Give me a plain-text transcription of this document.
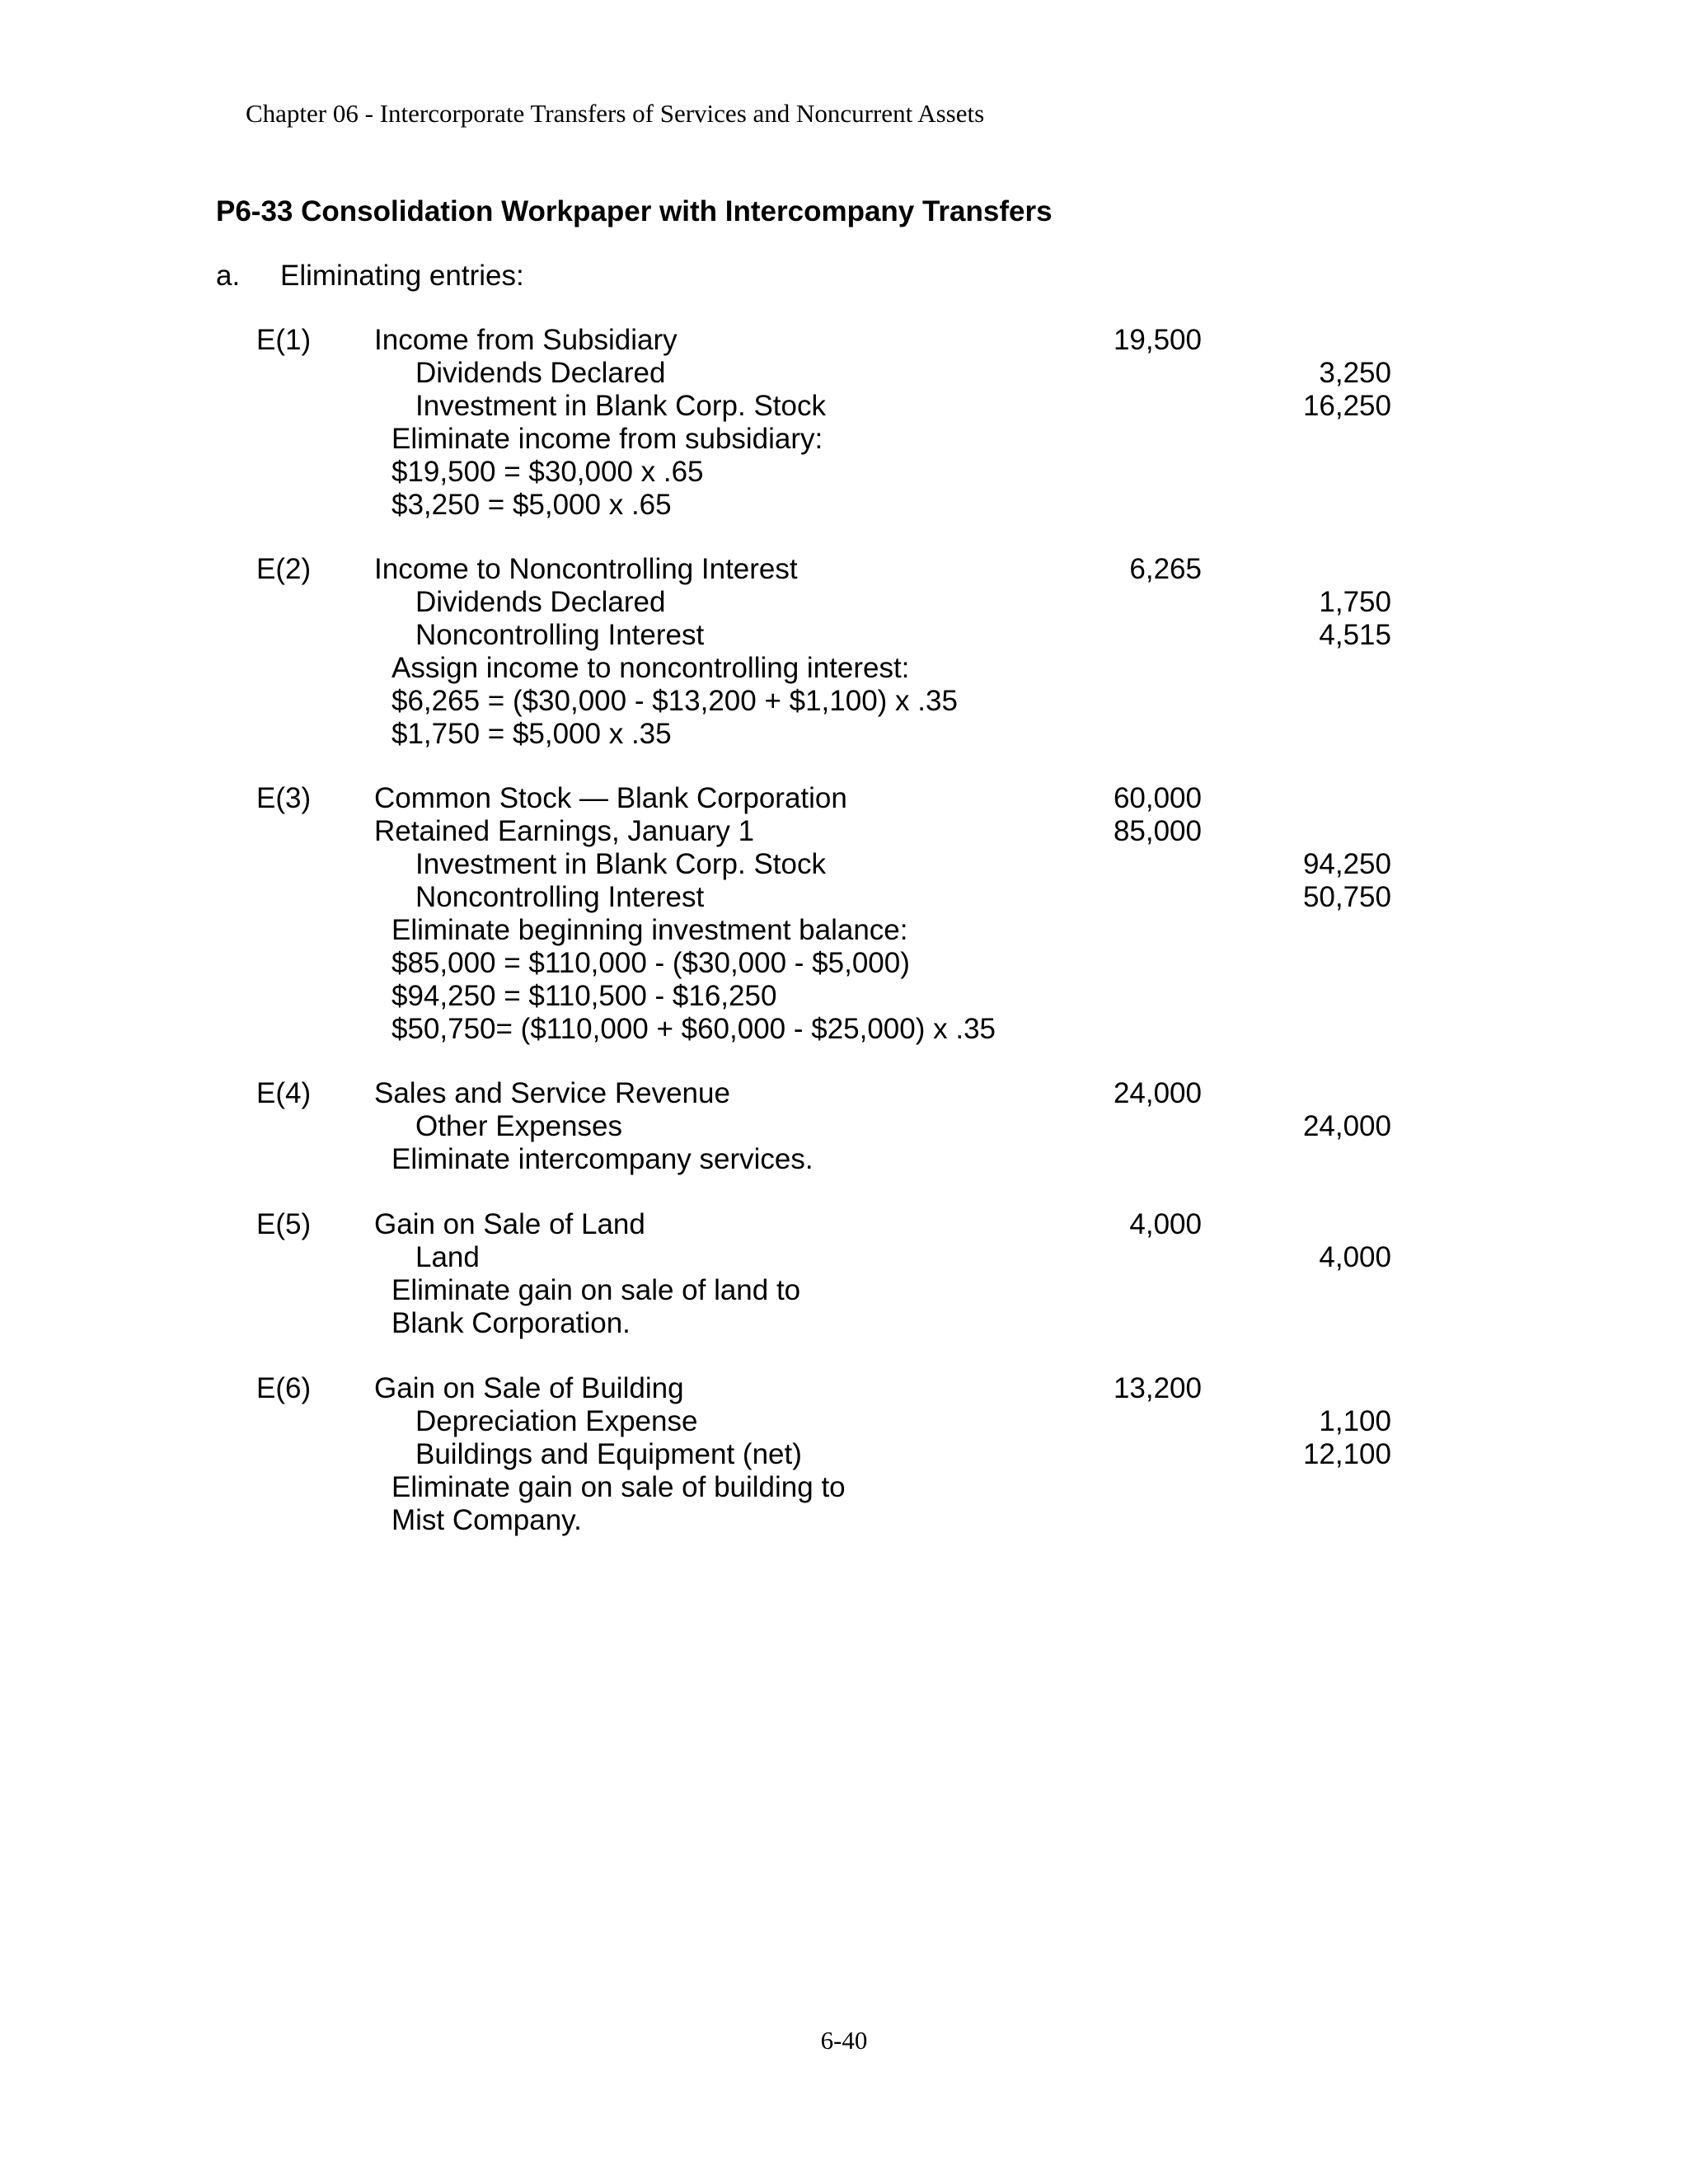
Chapter 06 - Intercorporate Transfers of Services and Noncurrent Assets
P6-33 Consolidation Workpaper with Intercompany Transfers
a. Eliminating entries:
E(1) Income from Subsidiary	19,500
Dividends Declared	3,250
Investment in Blank Corp. Stock	16,250
Eliminate income from subsidiary:
$19,500 = $30,000 x .65
$3,250 = $5,000 x .65
E(2) Income to Noncontrolling Interest	6,265
Dividends Declared	1,750
Noncontrolling Interest	4,515
Assign income to noncontrolling interest:
$6,265 = ($30,000 - $13,200 + $1,100) x .35
$1,750 = $5,000 x .35
E(3) Common Stock — Blank Corporation	60,000
Retained Earnings, January 1	85,000
Investment in Blank Corp. Stock	94,250
Noncontrolling Interest	50,750
Eliminate beginning investment balance:
$85,000 = $110,000 - ($30,000 - $5,000)
$94,250 = $110,500 - $16,250
$50,750= ($110,000 + $60,000 - $25,000) x .35
E(4) Sales and Service Revenue	24,000
Other Expenses	24,000
Eliminate intercompany services.
E(5) Gain on Sale of Land	4,000
Land	4,000
Eliminate gain on sale of land to
Blank Corporation.
E(6) Gain on Sale of Building	13,200
Depreciation Expense	1,100
Buildings and Equipment (net)	12,100
Eliminate gain on sale of building to
Mist Company.
6-40
